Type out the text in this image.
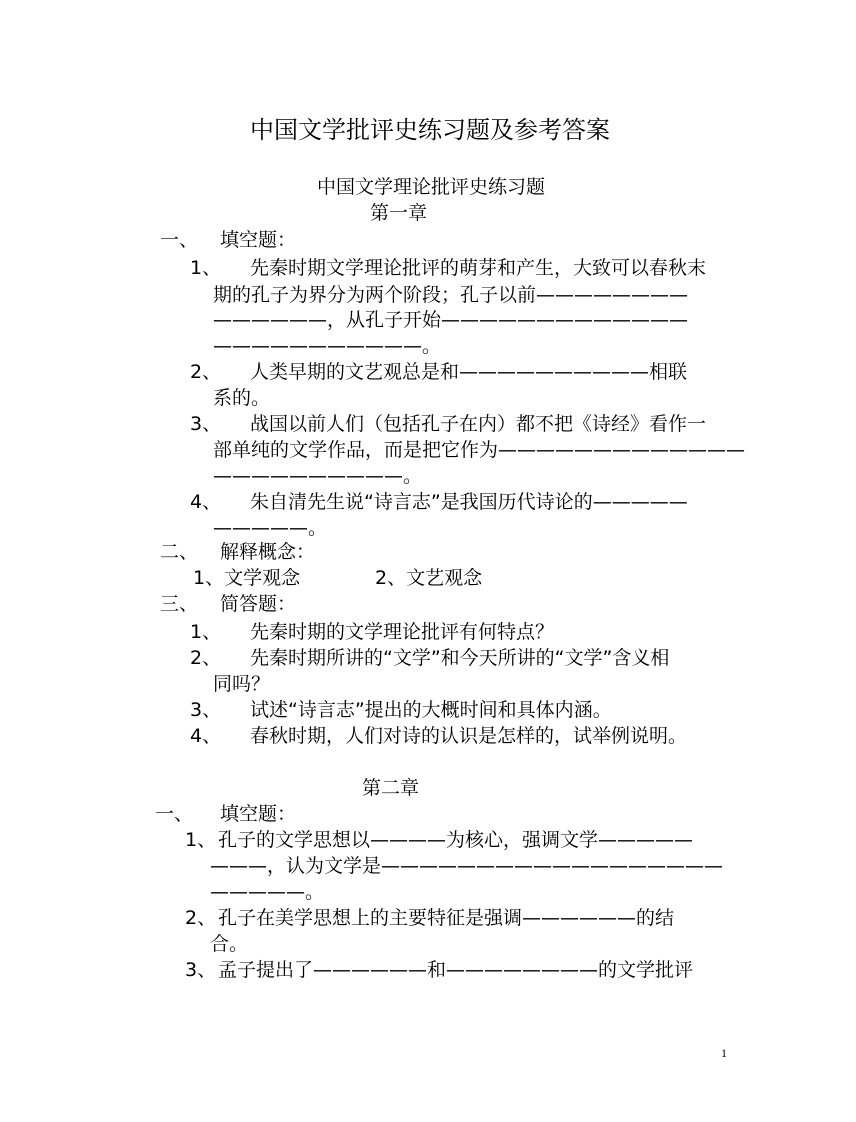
中国文学批评史练习题及参考答案
中国文学理论批评史练习题
第一章
一、 填空题：
1、 先秦时期文学理论批评的萌芽和产生，大致可以春秋末
期的孔子为界分为两个阶段；孔子以前————————
——————，从孔子开始—————————————
———————————。
2、 人类早期的文艺观总是和——————————相联
系的。
3、 战国以前人们（包括孔子在内）都不把《诗经》看作一
部单纯的文学作品，而是把它作为—————————————
——————————。
4、 朱自清先生说“诗言志”是我国历代诗论的—————
—————。
二、 解释概念：
1、文学观念	2、文艺观念
三、 简答题：
1、 先秦时期的文学理论批评有何特点？
2、 先秦时期所讲的“文学”和今天所讲的“文学”含义相
同吗？
3、 试述“诗言志”提出的大概时间和具体内涵。
4、 春秋时期，人们对诗的认识是怎样的，试举例说明。
第二章
一、 填空题：
1、 孔子的文学思想以————为核心，强调文学—————
———，认为文学是——————————————————
—————。
2、 孔子在美学思想上的主要特征是强调——————的结
合。
3、 孟子提出了——————和————————的文学批评
1
